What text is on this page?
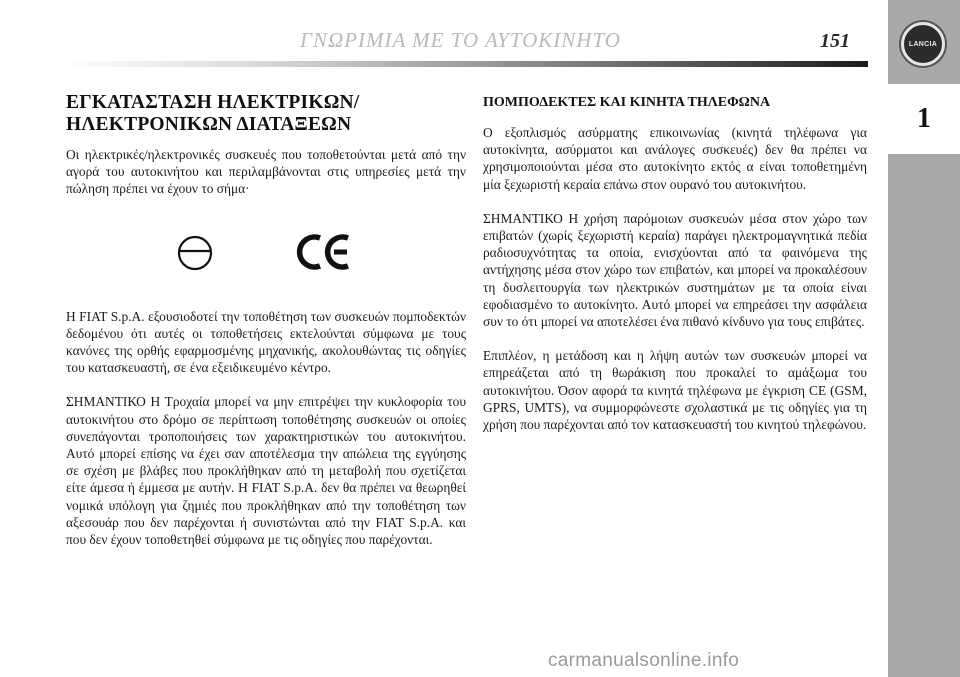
ΓΝΩΡΙΜΙΑ ΜΕ ΤΟ ΑΥΤΟΚΙΝΗΤΟ	151	LANCIA
1
ΕΓΚΑΤΑΣΤΑΣΗ ΗΛΕΚΤΡΙΚΩΝ/
ΗΛΕΚΤΡΟΝΙΚΩΝ ΔΙΑΤΑΞΕΩΝ

Οι ηλεκτρικές/ηλεκτρονικές συσκευές που τοποθετούνται μετά από την αγορά του αυτοκινήτου και περιλαμβάνονται στις υπηρεσίες μετά την πώληση πρέπει να έχουν το σήμα·

Η FIAT S.p.A. εξουσιοδοτεί την τοποθέτηση των συσκευών πομποδεκτών δεδομένου ότι αυτές οι τοποθετήσεις εκτελούνται σύμφωνα με τους κανόνες της ορθής εφαρμοσμένης μηχανικής, ακολουθώντας τις οδηγίες του κατασκευαστή, σε ένα εξειδικευμένο κέντρο.

ΣΗΜΑΝΤΙΚΟ Η Τροχαία μπορεί να μην επιτρέψει την κυκλοφορία του αυτοκινήτου στο δρόμο σε περίπτωση τοποθέτησης συσκευών οι οποίες συνεπάγονται τροποποιήσεις των χαρακτηριστικών του αυτοκινήτου. Αυτό μπορεί επίσης να έχει σαν αποτέλεσμα την απώλεια της εγγύησης σε σχέση με βλάβες που προκλήθηκαν από τη μεταβολή που σχετίζεται είτε άμεσα ή έμμεσα με αυτήν. Η FIAT S.p.A. δεν θα πρέπει να θεωρηθεί νομικά υπόλογη για ζημιές που προκλήθηκαν από την τοποθέτηση των αξεσουάρ που δεν παρέχονται ή συνιστώνται από την FIAT S.p.A. και που δεν έχουν τοποθετηθεί σύμφωνα με τις οδηγίες που παρέχονται.

ΠΟΜΠΟΔΕΚΤΕΣ ΚΑΙ ΚΙΝΗΤΑ ΤΗΛΕΦΩΝΑ

Ο εξοπλισμός ασύρματης επικοινωνίας (κινητά τηλέφωνα για αυτοκίνητα, ασύρματοι και ανάλογες συσκευές) δεν θα πρέπει να χρησιμοποιούνται μέσα στο αυτοκίνητο εκτός α είναι τοποθετημένη μία ξεχωριστή κεραία επάνω στον ουρανό του αυτοκινήτου.

ΣΗΜΑΝΤΙΚΟ Η χρήση παρόμοιων συσκευών μέσα στον χώρο των επιβατών (χωρίς ξεχωριστή κεραία) παράγει ηλεκτρομαγνητικά πεδία ραδιοσυχνότητας τα οποία, ενισχύονται από τα φαινόμενα της αντήχησης μέσα στον χώρο των επιβατών, και μπορεί να προκαλέσουν τη δυσλειτουργία των ηλεκτρικών συστημάτων με τα οποία είναι εφοδιασμένο το αυτοκίνητο. Αυτό μπορεί να επηρεάσει την ασφάλεια συν το ότι μπορεί να αποτελέσει ένα πιθανό κίνδυνο για τους επιβάτες.

Επιπλέον, η μετάδοση και η λήψη αυτών των συσκευών μπορεί να επηρεάζεται από τη θωράκιση που προκαλεί το αμάξωμα του αυτοκινήτου. Όσον αφορά τα κινητά τηλέφωνα με έγκριση CE (GSM, GPRS, UMTS), να συμμορφώνεστε σχολαστικά με τις οδηγίες για τη χρήση που παρέχονται από τον κατασκευαστή του κινητού τηλεφώνου.

carmanualsonline.info
